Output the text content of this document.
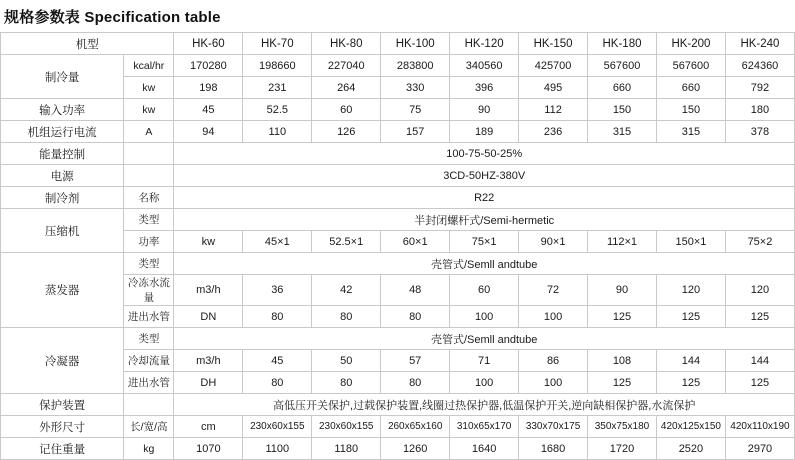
规格参数表 Specification table
机型		HK-60	HK-70	HK-80	HK-100	HK-120	HK-150	HK-180	HK-200	HK-240
制冷量	kcal/hr	170280	198660	227040	283800	340560	425700	567600	567600	624360
	kw	198	231	264	330	396	495	660	660	792
输入功率	kw	45	52.5	60	75	90	112	150	150	180
机组运行电流	A	94	110	126	157	189	236	315	315	378
能量控制		100-75-50-25%								
电源		3CD-50HZ-380V								
制冷剂	名称	R22								
压缩机	类型	半封闭螺杆式/Semi-hermetic								
	功率	kw	45×1	52.5×1	60×1	75×1	90×1	112×1	150×1	75×2
蒸发器	类型	壳管式/Semll andtube								
	冷冻水流量	m3/h	36	42	48	60	72	90	120	120
	进出水管	DN	80	80	80	100	100	125	125	125
冷凝器	类型	壳管式/Semll andtube								
	冷却流量	m3/h	45	50	57	71	86	108	144	144
	进出水管	DH	80	80	80	100	100	125	125	125
保护装置		高低压开关保护,过载保护装置,线圈过热保护器,低温保护开关,逆向缺相保护器,水流保护								
外形尺寸	长/宽/高	cm	230x60x155	230x60x155	260x65x160	310x65x170	330x70x175	350x75x180	420x125x150	420x110x190
记住重量	kg	1070	1100	1180	1260	1640	1680	1720	2520	2970
